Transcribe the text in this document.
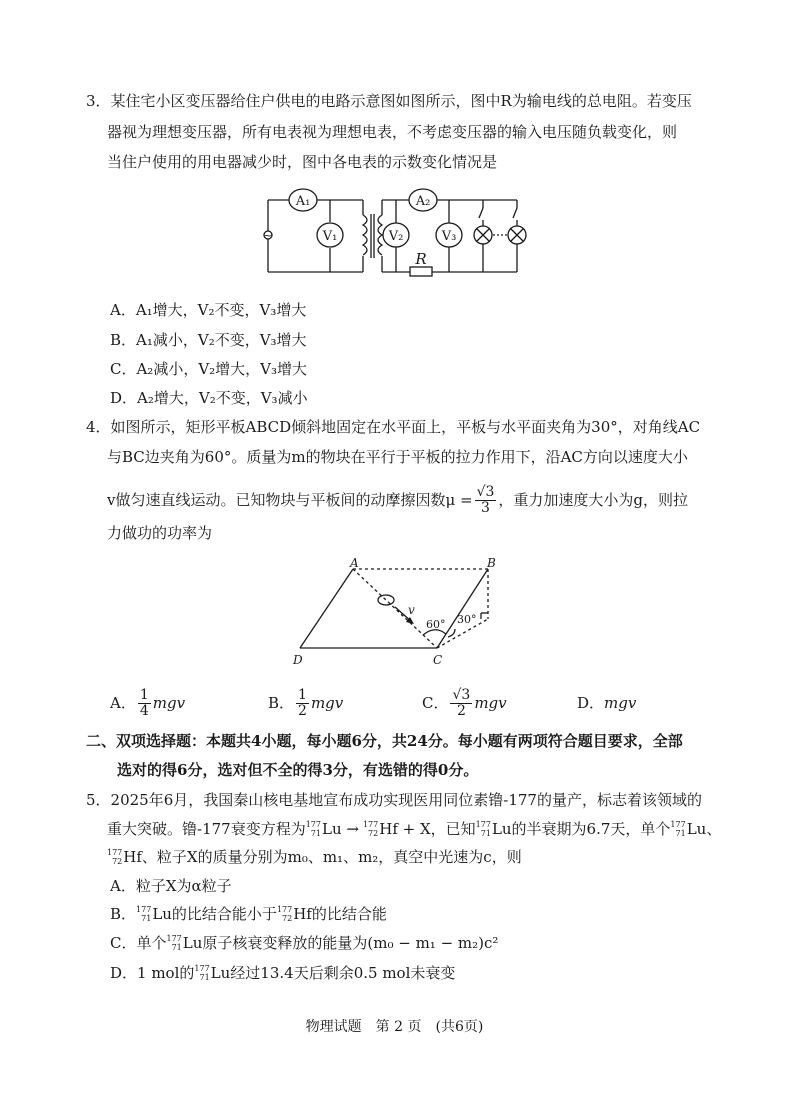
3．某住宅小区变压器给住户供电的电路示意图如图所示，图中R为输电线的总电阻。若变压
器视为理想变压器，所有电表视为理想电表，不考虑变压器的输入电压随负载变化，则
当住户使用的用电器减少时，图中各电表的示数变化情况是
~
A₁
V₁
A₂
V₂	V₃
R
A．A₁增大，V₂不变，V₃增大
B．A₁减小，V₂不变，V₃增大
C．A₂减小，V₂增大，V₃增大
D．A₂增大，V₂不变，V₃减小
4．如图所示，矩形平板ABCD倾斜地固定在水平面上，平板与水平面夹角为30°，对角线AC
与BC边夹角为60°。质量为m的物块在平行于平板的拉力作用下，沿AC方向以速度大小
v做匀速直线运动。已知物块与平板间的动摩擦因数$\mu = \frac{√3}{3}$ ，重力加速度大小为g，则拉
力做功的功率为
A	B
C
D
v
60° 30°
A． $\frac{1}{4}$ mgv	B． $\frac{1}{2}$ mgv	C． $\frac{√3}{2}$ mgv	D． mgv
二、双项选择题：本题共4小题，每小题6分，共24分。每小题有两项符合题目要求，全部
选对的得6分，选对但不全的得3分，有选错的得0分。
5．2025年6月，我国秦山核电基地宣布成功实现医用同位素镥-177的量产，标志着该领域的
重大突破。镥-177衰变方程为 177
71 Lu → 177
72 Hf + X，已知 177
71 Lu的半衰期为6.7天，单个 177
71 Lu、
177
72 Hf、粒子X的质量分别为m₀、m₁、m₂，真空中光速为c，则
A．粒子X为α粒子
B． 177
71 Lu的比结合能小于 177
72 Hf的比结合能
C．单个 177
71 Lu原子核衰变释放的能量为(m₀ − m₁ − m₂)c²
D．1 mol的 177
71 Lu经过13.4天后剩余0.5 mol未衰变
物理试题　第 2 页　(共6页)
